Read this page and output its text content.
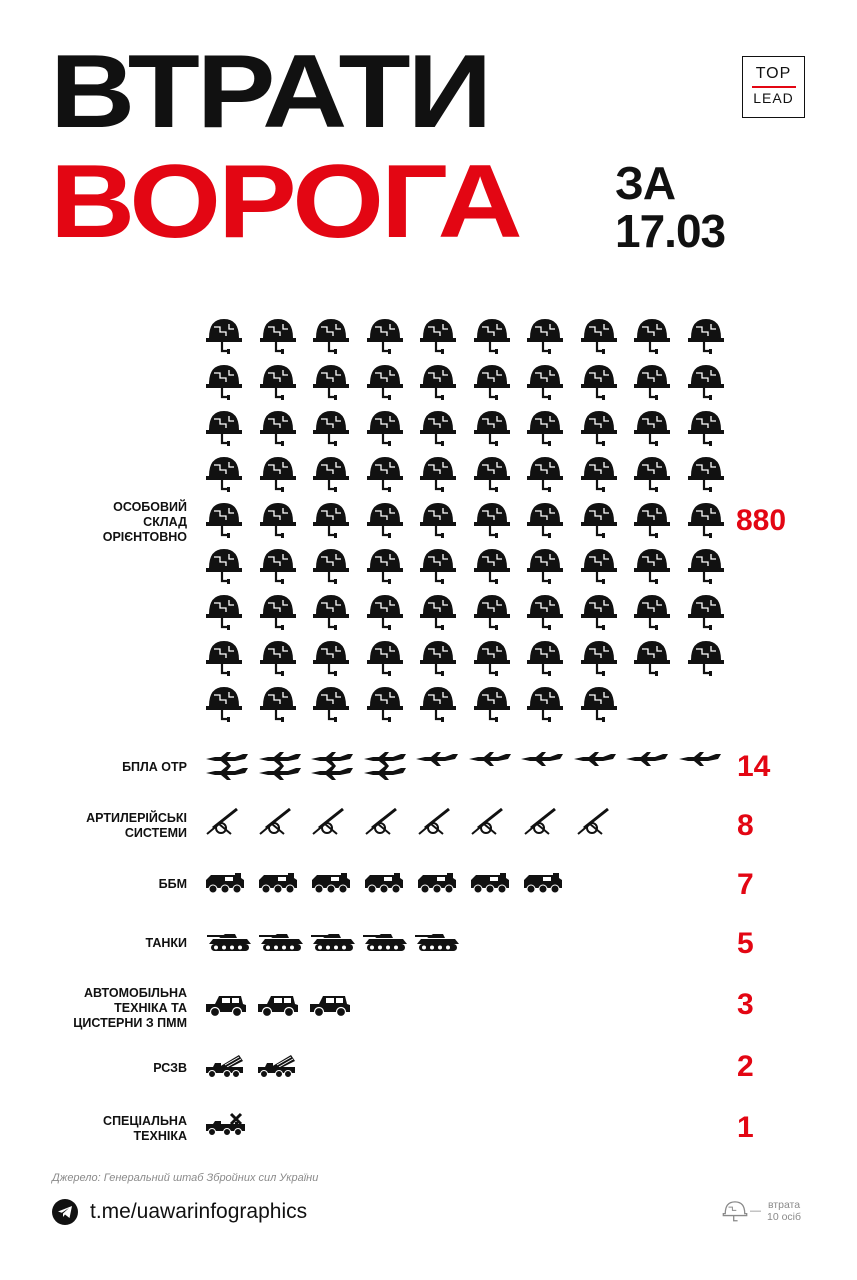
ВТРАТИ
ВОРОГА ЗА
17.03
TOP
LEAD
ОСОБОВИЙ
СКЛАД
ОРІЄНТОВНО	880
БПЛА ОТР	14
АРТИЛЕРІЙСЬКІ
СИСТЕМИ	8
ББМ	7
ТАНКИ	5
АВТОМОБІЛЬНА
ТЕХНІКА ТА
ЦИСТЕРНИ З ПММ
3
РСЗВ	2
СПЕЦІАЛЬНА
ТЕХНІКА	1
Джерело: Генеральний штаб Збройних сил України
t.me/uawarinfographics	— втрата
10 осіб
